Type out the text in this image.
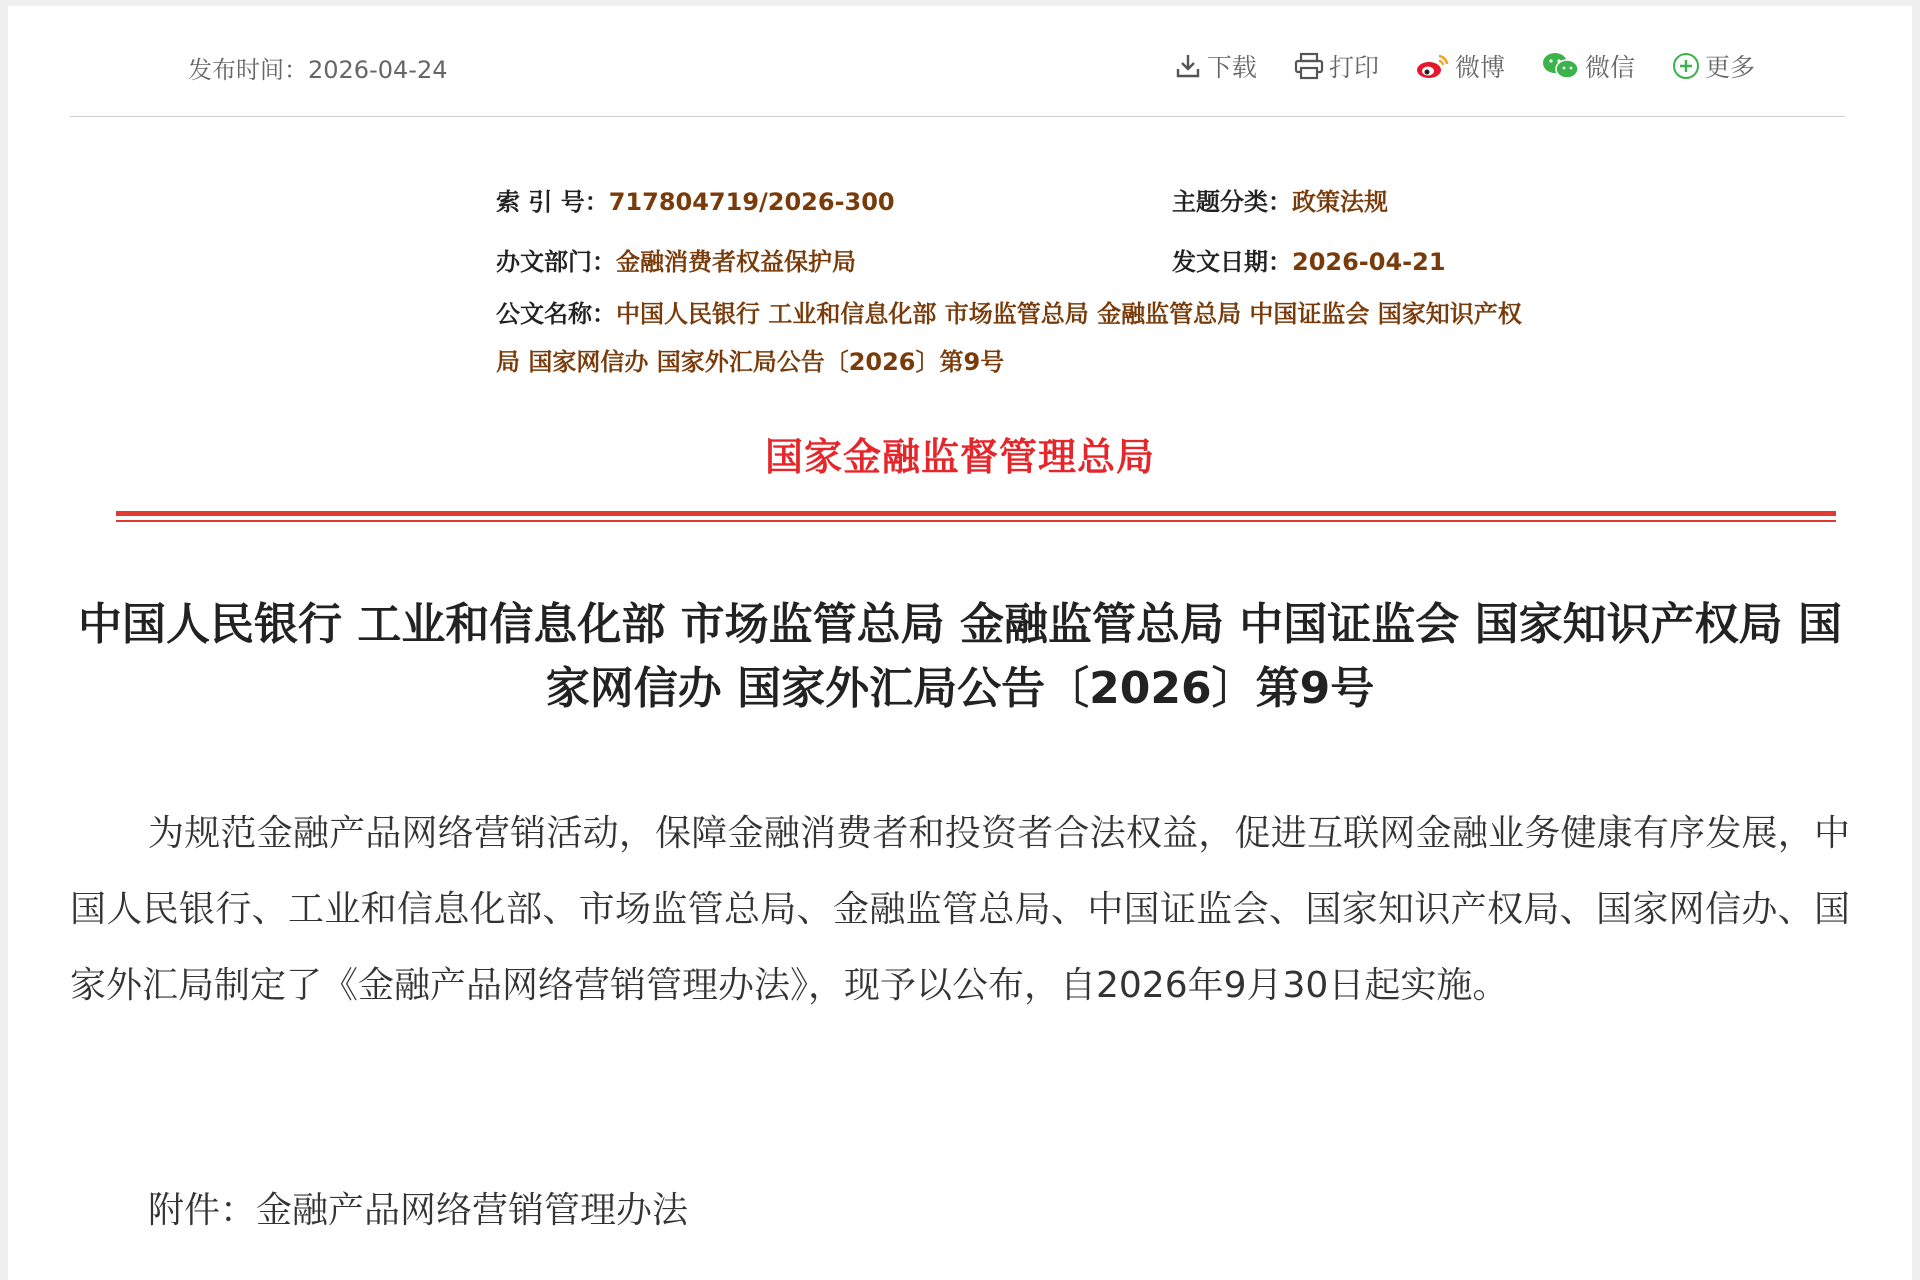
发布时间：2026-04-24	下载	打印	微博	微信	更多
索 引 号：717804719/2026-300	主题分类：政策法规
办文部门：金融消费者权益保护局	发文日期：2026-04-21
公文名称：中国人民银行 工业和信息化部 市场监管总局 金融监管总局 中国证监会 国家知识产权局 国家网信办 国家外汇局公告〔2026〕第9号
国家金融监督管理总局
中国人民银行 工业和信息化部 市场监管总局 金融监管总局 中国证监会 国家知识产权局 国家网信办 国家外汇局公告〔2026〕第9号
为规范金融产品网络营销活动，保障金融消费者和投资者合法权益，促进互联网金融业务健康有序发展，中国人民银行、工业和信息化部、市场监管总局、金融监管总局、中国证监会、国家知识产权局、国家网信办、国家外汇局制定了《金融产品网络营销管理办法》，现予以公布，自2026年9月30日起实施。
附件：金融产品网络营销管理办法
